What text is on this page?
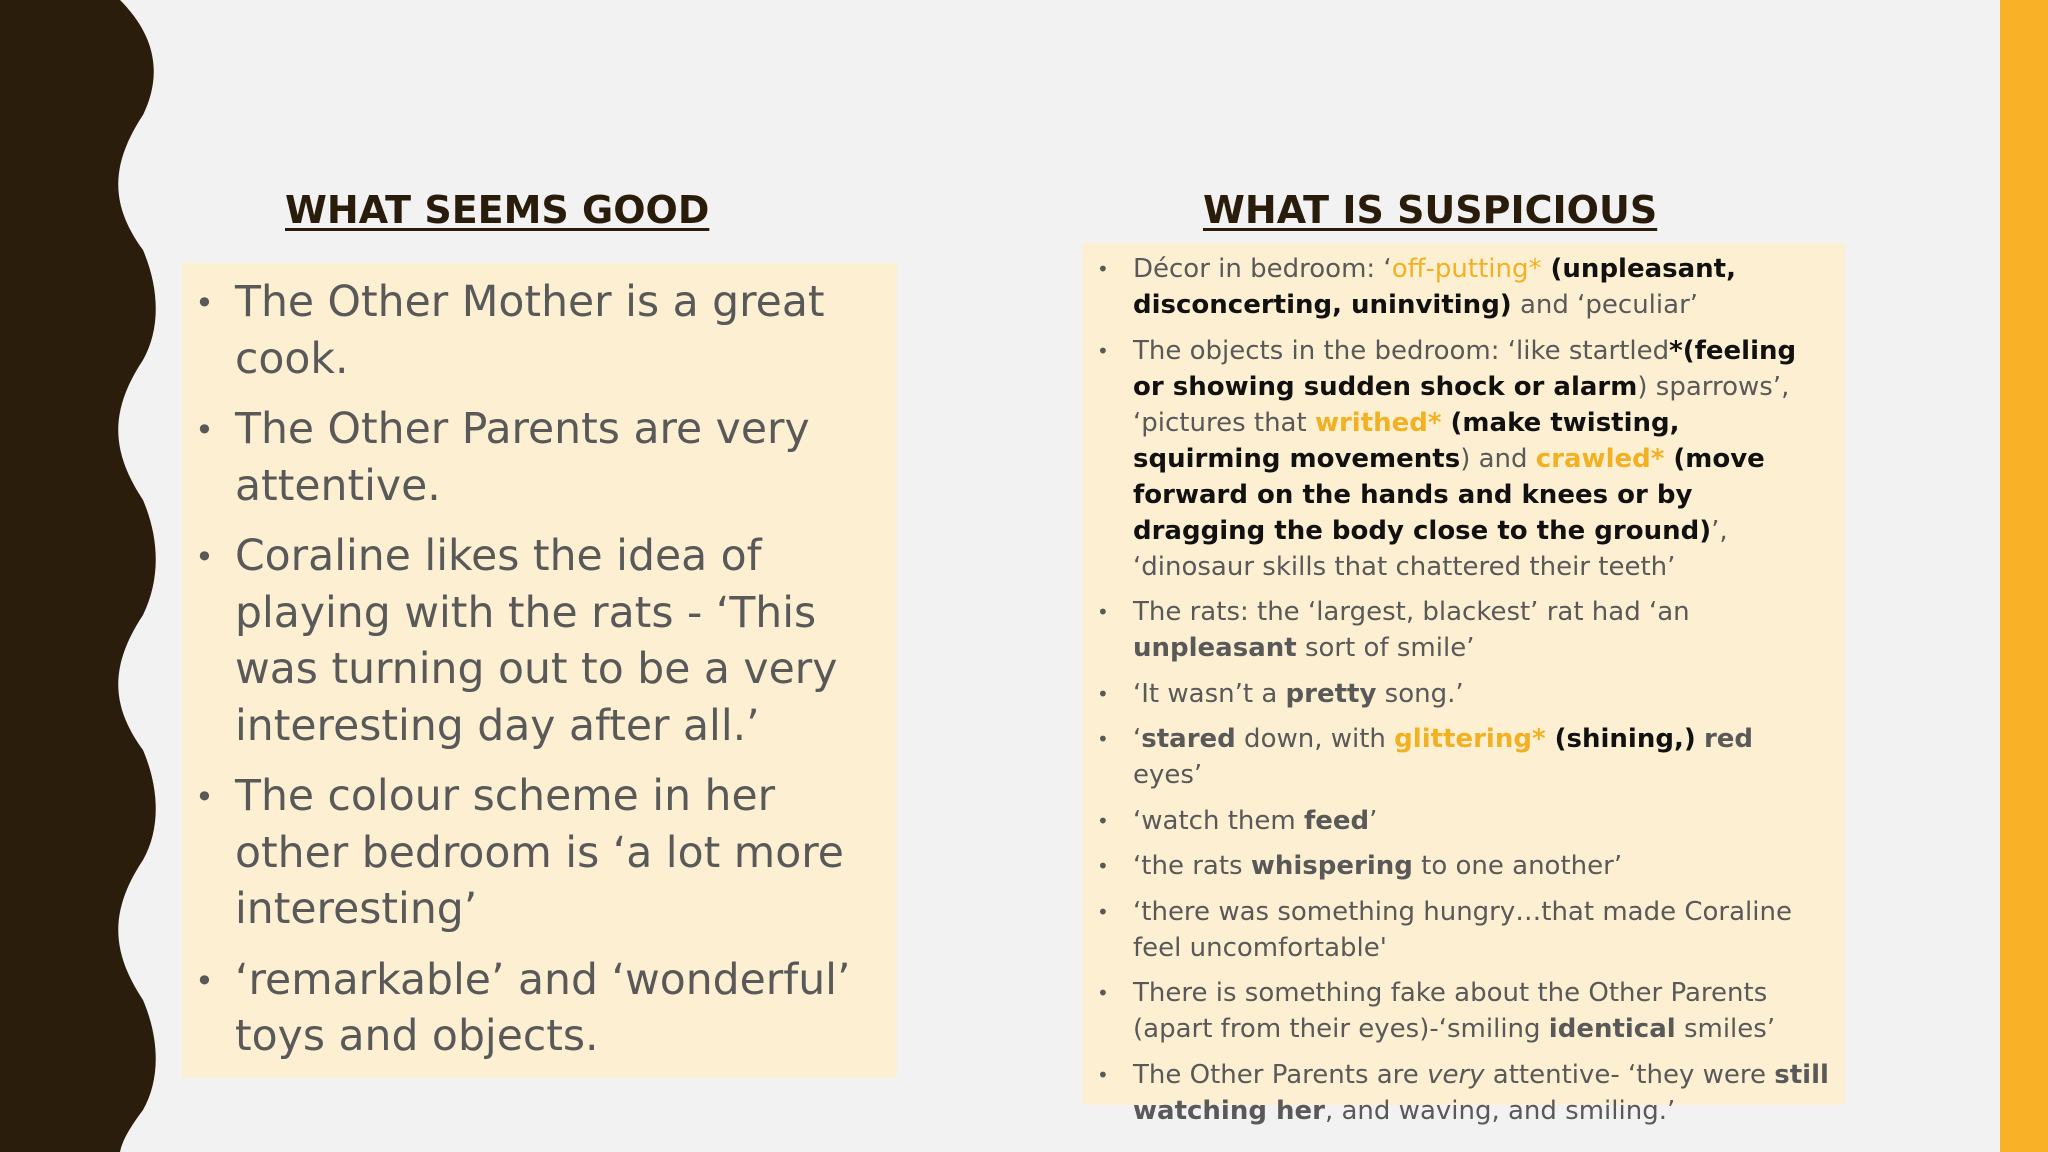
WHAT SEEMS GOOD	WHAT IS SUSPICIOUS
• The Other Mother is a great cook.
• The Other Parents are very attentive.
• Coraline likes the idea of playing with the rats - ‘This was turning out to be a very interesting day after all.’
• The colour scheme in her other bedroom is ‘a lot more interesting’
• ‘remarkable’ and ‘wonderful’ toys and objects.
• Décor in bedroom: ‘off-putting* (unpleasant, disconcerting, uninviting) and ‘peculiar’
• The objects in the bedroom: ‘like startled*(feeling or showing sudden shock or alarm) sparrows’, ‘pictures that writhed* (make twisting, squirming movements) and crawled* (move forward on the hands and knees or by dragging the body close to the ground)’, ‘dinosaur skills that chattered their teeth’
• The rats: the ‘largest, blackest’ rat had ‘an unpleasant sort of smile’
• ‘It wasn’t a pretty song.’
• ‘stared down, with glittering* (shining,) red eyes’
• ‘watch them feed’
• ‘the rats whispering to one another’
• ‘there was something hungry…that made Coraline feel uncomfortable'
• There is something fake about the Other Parents (apart from their eyes)-‘smiling identical smiles’
• The Other Parents are very attentive- ‘they were still watching her, and waving, and smiling.’
